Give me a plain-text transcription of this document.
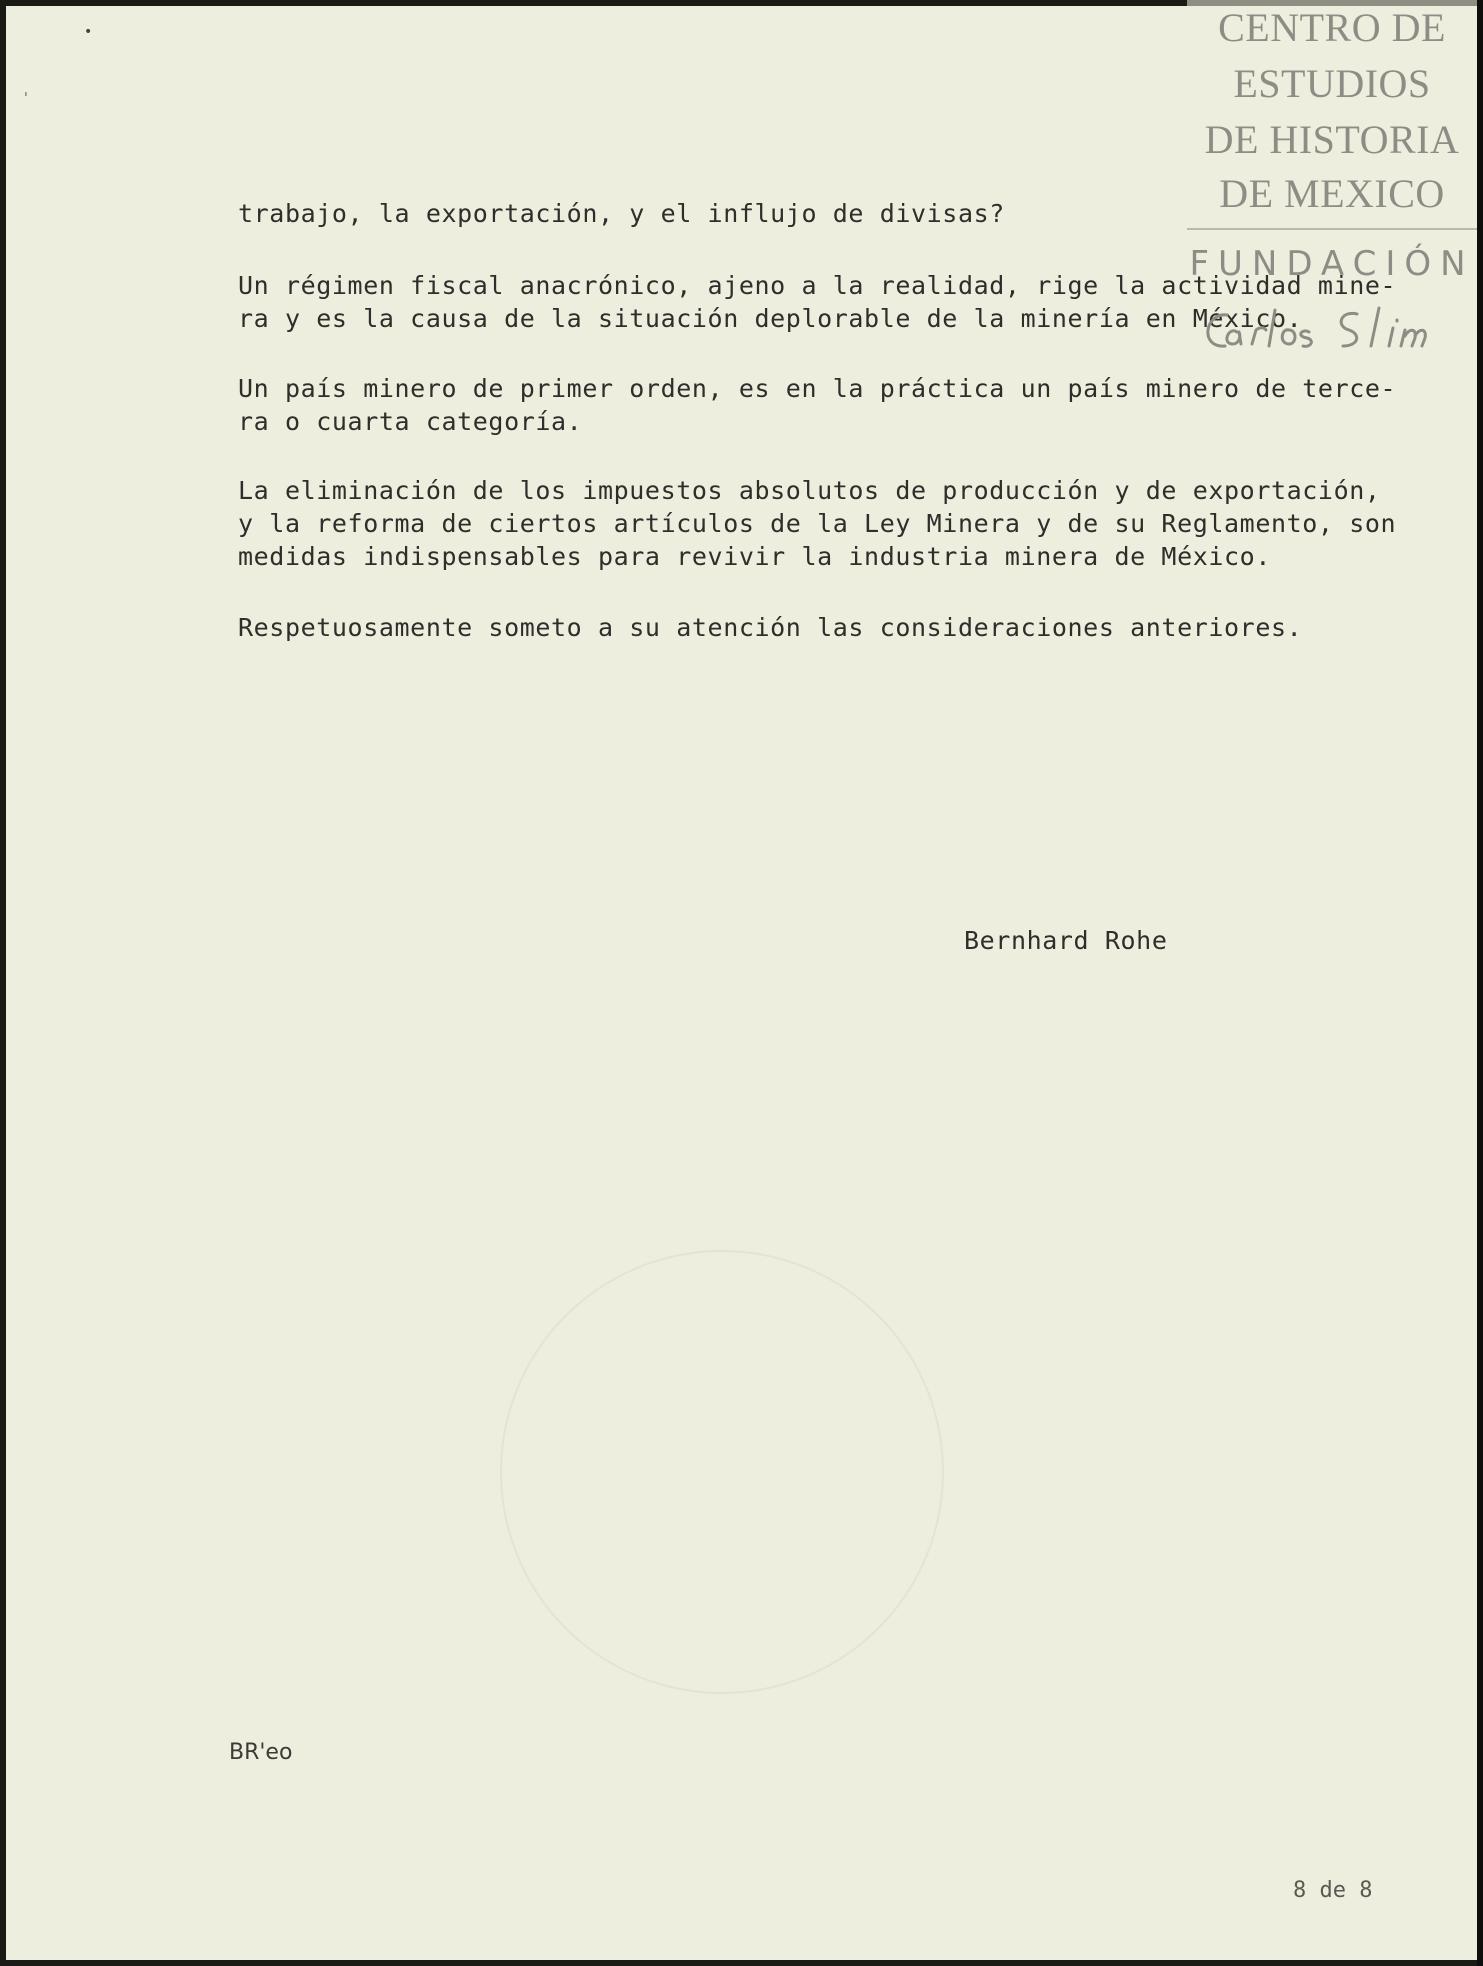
•
ˌ

trabajo, la exportación, y el influjo de divisas?

Un régimen fiscal anacrónico, ajeno a la realidad, rige la actividad mine-
ra y es la causa de la situación deplorable de la minería en México.

Un país minero de primer orden, es en la práctica un país minero de terce-
ra o cuarta categoría.

La eliminación de los impuestos absolutos de producción y de exportación,
y la reforma de ciertos artículos de la Ley Minera y de su Reglamento, son
medidas indispensables para revivir la industria minera de México.

Respetuosamente someto a su atención las consideraciones anteriores.

Bernhard Rohe
BR'eo
8 de 8
CENTRO DE
ESTUDIOS
DE HISTORIA
DE MEXICO
FUNDACIÓN
